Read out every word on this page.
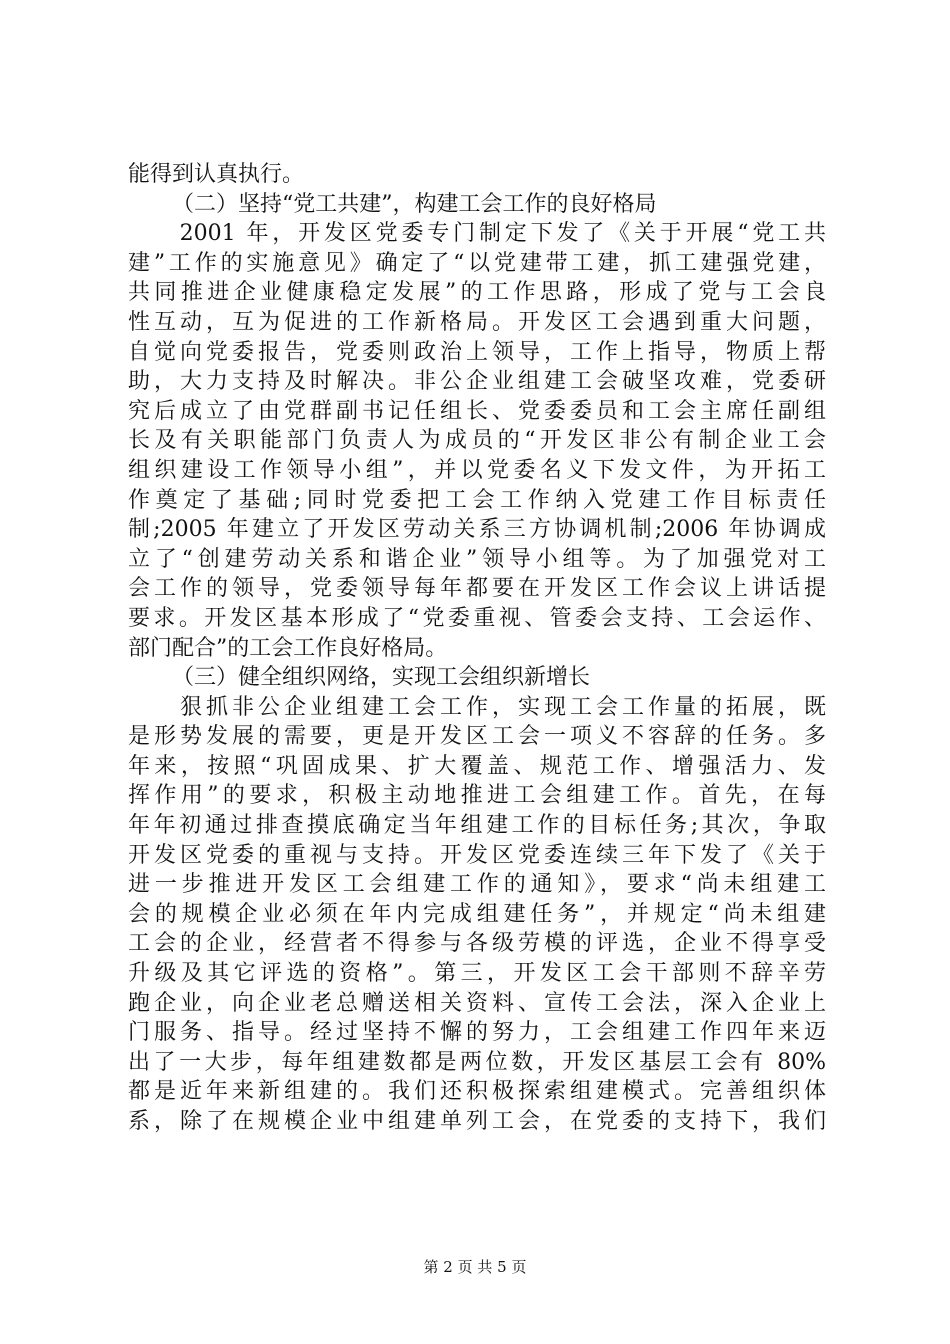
能得到认真执行。
（二）坚持“党工共建”，构建工会工作的良好格局
　　2001 年，开发区党委专门制定下发了《关于开展“党工共
建”工作的实施意见》确定了“以党建带工建，抓工建强党建，
共同推进企业健康稳定发展”的工作思路，形成了党与工会良
性互动，互为促进的工作新格局。开发区工会遇到重大问题，
自觉向党委报告，党委则政治上领导，工作上指导，物质上帮
助，大力支持及时解决。非公企业组建工会破坚攻难，党委研
究后成立了由党群副书记任组长、党委委员和工会主席任副组
长及有关职能部门负责人为成员的“开发区非公有制企业工会
组织建设工作领导小组”，并以党委名义下发文件，为开拓工
作奠定了基础;同时党委把工会工作纳入党建工作目标责任
制;2005 年建立了开发区劳动关系三方协调机制;2006 年协调成
立了“创建劳动关系和谐企业”领导小组等。为了加强党对工
会工作的领导，党委领导每年都要在开发区工作会议上讲话提
要求。开发区基本形成了“党委重视、管委会支持、工会运作、
部门配合”的工会工作良好格局。
（三）健全组织网络，实现工会组织新增长
　　狠抓非公企业组建工会工作，实现工会工作量的拓展，既
是形势发展的需要，更是开发区工会一项义不容辞的任务。多
年来，按照“巩固成果、扩大覆盖、规范工作、增强活力、发
挥作用”的要求，积极主动地推进工会组建工作。首先，在每
年年初通过排查摸底确定当年组建工作的目标任务;其次，争取
开发区党委的重视与支持。开发区党委连续三年下发了《关于
进一步推进开发区工会组建工作的通知》，要求“尚未组建工
会的规模企业必须在年内完成组建任务”，并规定“尚未组建
工会的企业，经营者不得参与各级劳模的评选，企业不得享受
升级及其它评选的资格”。第三，开发区工会干部则不辞辛劳
跑企业，向企业老总赠送相关资料、宣传工会法，深入企业上
门服务、指导。经过坚持不懈的努力，工会组建工作四年来迈
出了一大步，每年组建数都是两位数，开发区基层工会有 80%
都是近年来新组建的。我们还积极探索组建模式。完善组织体
系，除了在规模企业中组建单列工会，在党委的支持下，我们
第 2 页 共 5 页
